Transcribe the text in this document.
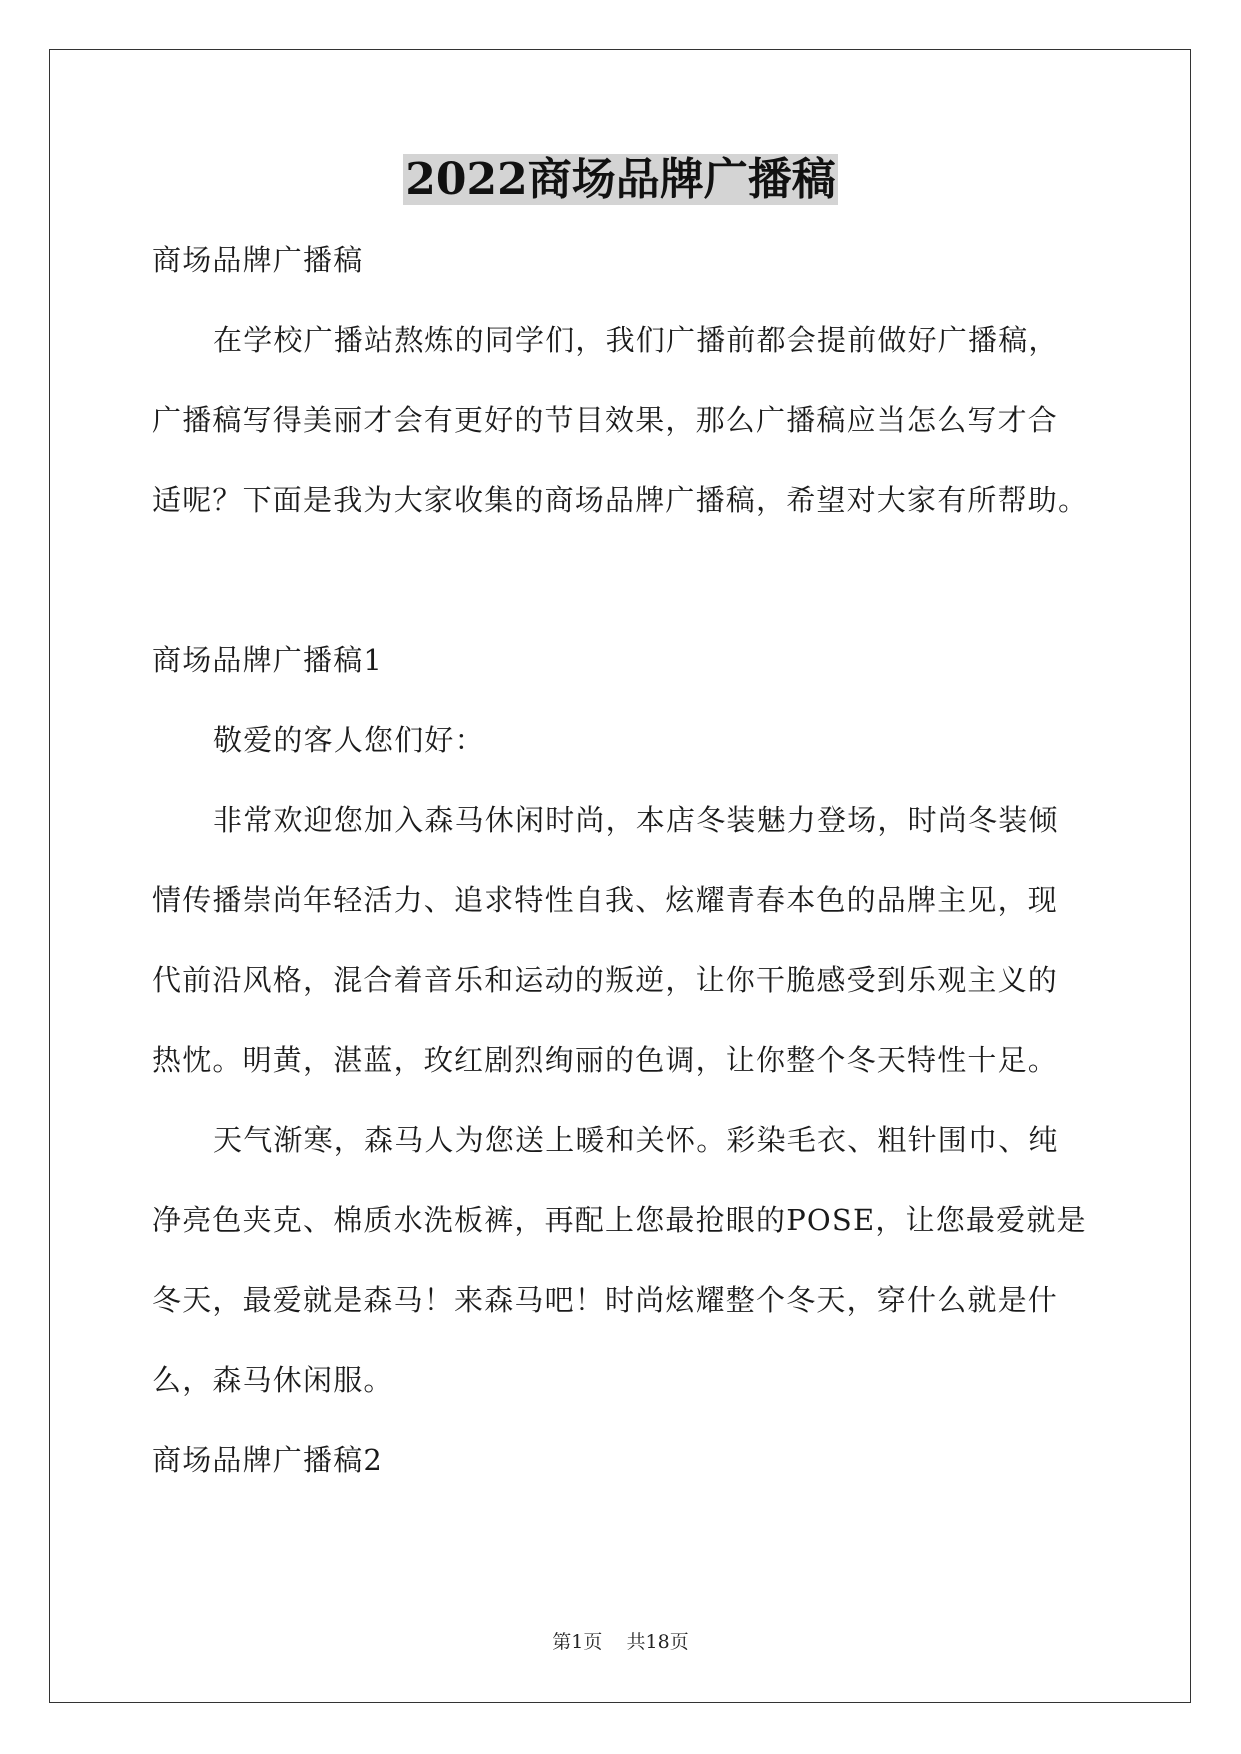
2022商场品牌广播稿

商场品牌广播稿

在学校广播站熬炼的同学们，我们广播前都会提前做好广播稿，

广播稿写得美丽才会有更好的节目效果，那么广播稿应当怎么写才合

适呢？下面是我为大家收集的商场品牌广播稿，希望对大家有所帮助。

商场品牌广播稿1

敬爱的客人您们好：

非常欢迎您加入森马休闲时尚，本店冬装魅力登场，时尚冬装倾

情传播崇尚年轻活力、追求特性自我、炫耀青春本色的品牌主见，现

代前沿风格，混合着音乐和运动的叛逆，让你干脆感受到乐观主义的

热忱。明黄，湛蓝，玫红剧烈绚丽的色调，让你整个冬天特性十足。

天气渐寒，森马人为您送上暖和关怀。彩染毛衣、粗针围巾、纯

净亮色夹克、棉质水洗板裤，再配上您最抢眼的POSE，让您最爱就是

冬天，最爱就是森马！来森马吧！时尚炫耀整个冬天，穿什么就是什

么，森马休闲服。

商场品牌广播稿2

第1页 共18页
